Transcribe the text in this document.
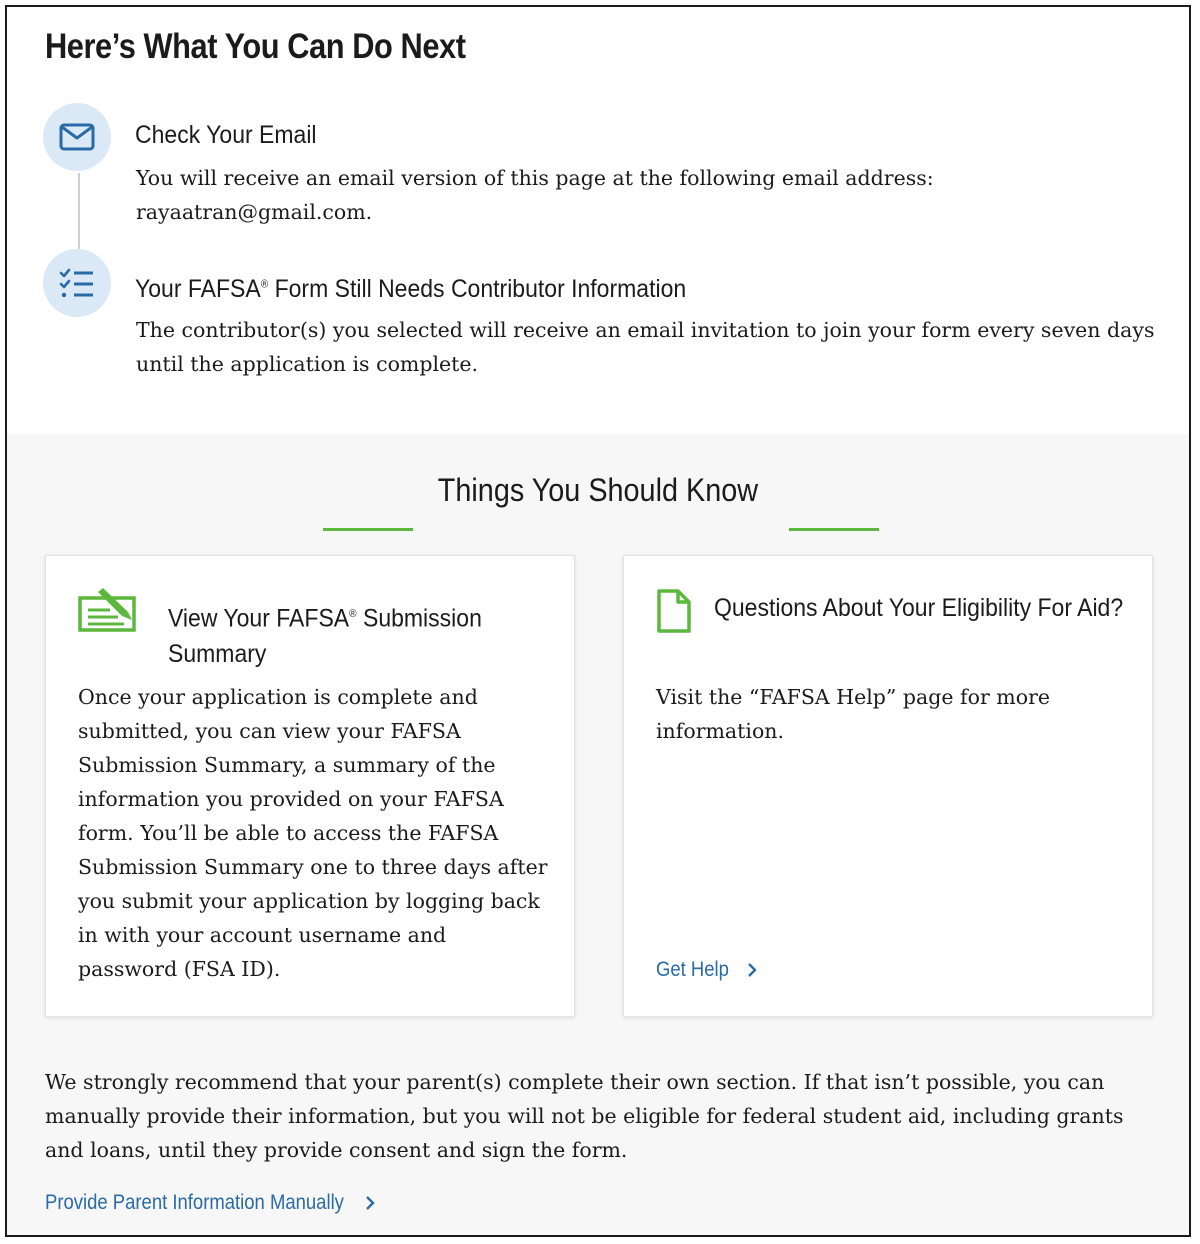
Here’s What You Can Do Next
Check Your Email
You will receive an email version of this page at the following email address: rayaatran@gmail.com.
Your FAFSA® Form Still Needs Contributor Information
The contributor(s) you selected will receive an email invitation to join your form every seven days until the application is complete.
Things You Should Know
View Your FAFSA® Submission Summary
Once your application is complete and submitted, you can view your FAFSA Submission Summary, a summary of the information you provided on your FAFSA form. You’ll be able to access the FAFSA Submission Summary one to three days after you submit your application by logging back in with your account username and password (FSA ID).
Questions About Your Eligibility For Aid?
Visit the “FAFSA Help” page for more information.
Get Help
We strongly recommend that your parent(s) complete their own section. If that isn’t possible, you can manually provide their information, but you will not be eligible for federal student aid, including grants and loans, until they provide consent and sign the form.
Provide Parent Information Manually
